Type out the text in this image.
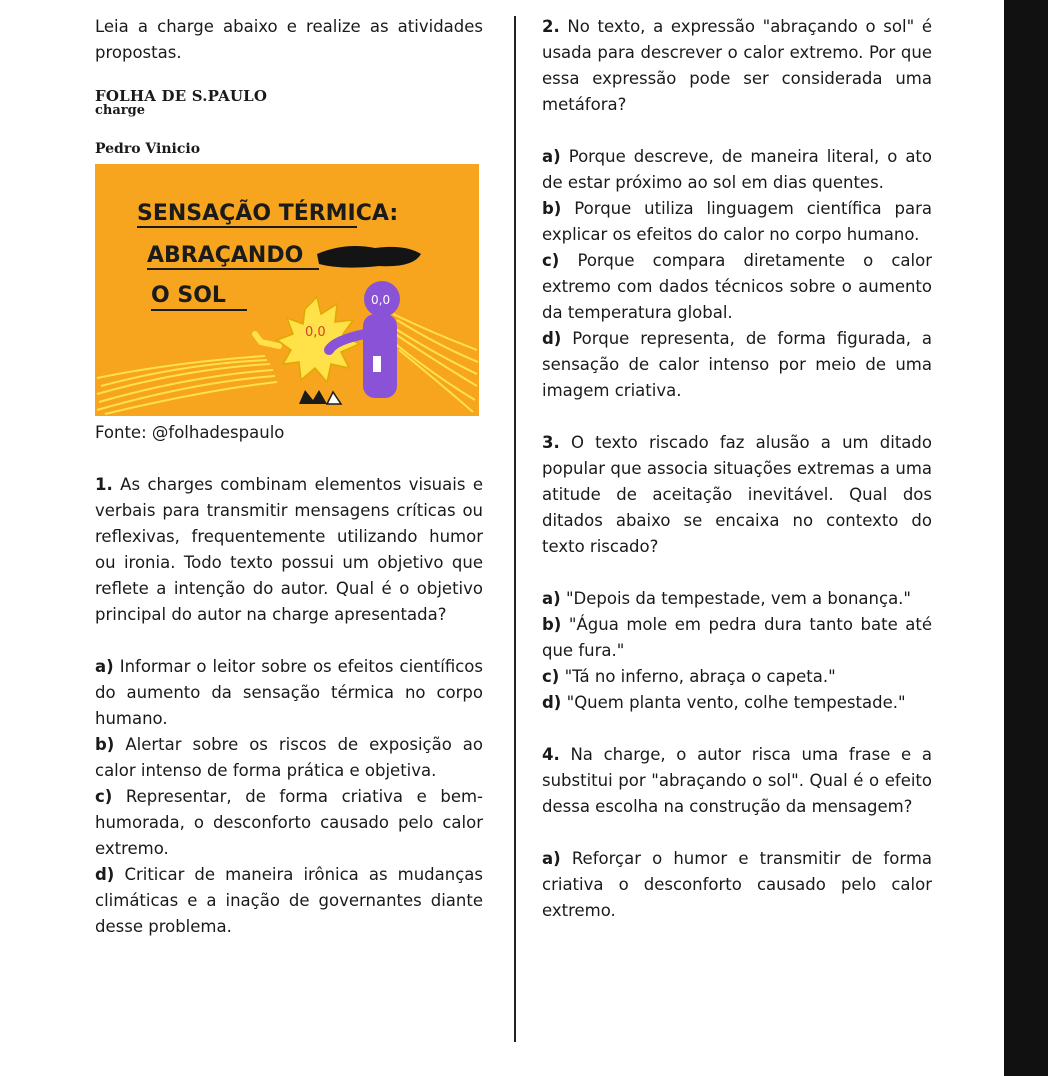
Leia a charge abaixo e realize as atividades propostas.

FOLHA DE S.PAULO
charge
Pedro Vinicio
0,0
0,0
SENSAÇÃO TÉRMICA:
ABRAÇANDO
O SOL
Fonte: @folhadespaulo

1. As charges combinam elementos visuais e verbais para transmitir mensagens críticas ou reflexivas, frequentemente utilizando humor ou ironia. Todo texto possui um objetivo que reflete a intenção do autor. Qual é o objetivo principal do autor na charge apresentada?

a) Informar o leitor sobre os efeitos científicos do aumento da sensação térmica no corpo humano.

b) Alertar sobre os riscos de exposição ao calor intenso de forma prática e objetiva.

c) Representar, de forma criativa e bem-humorada, o desconforto causado pelo calor extremo.

d) Criticar de maneira irônica as mudanças climáticas e a inação de governantes diante desse problema.

2. No texto, a expressão "abraçando o sol" é usada para descrever o calor extremo. Por que essa expressão pode ser considerada uma metáfora?

a) Porque descreve, de maneira literal, o ato de estar próximo ao sol em dias quentes.

b) Porque utiliza linguagem científica para explicar os efeitos do calor no corpo humano.

c) Porque compara diretamente o calor extremo com dados técnicos sobre o aumento da temperatura global.

d) Porque representa, de forma figurada, a sensação de calor intenso por meio de uma imagem criativa.

3. O texto riscado faz alusão a um ditado popular que associa situações extremas a uma atitude de aceitação inevitável. Qual dos ditados abaixo se encaixa no contexto do texto riscado?

a) "Depois da tempestade, vem a bonança."

b) "Água mole em pedra dura tanto bate até que fura."

c) "Tá no inferno, abraça o capeta."

d) "Quem planta vento, colhe tempestade."

4. Na charge, o autor risca uma frase e a substitui por "abraçando o sol". Qual é o efeito dessa escolha na construção da mensagem?

a) Reforçar o humor e transmitir de forma criativa o desconforto causado pelo calor extremo.
